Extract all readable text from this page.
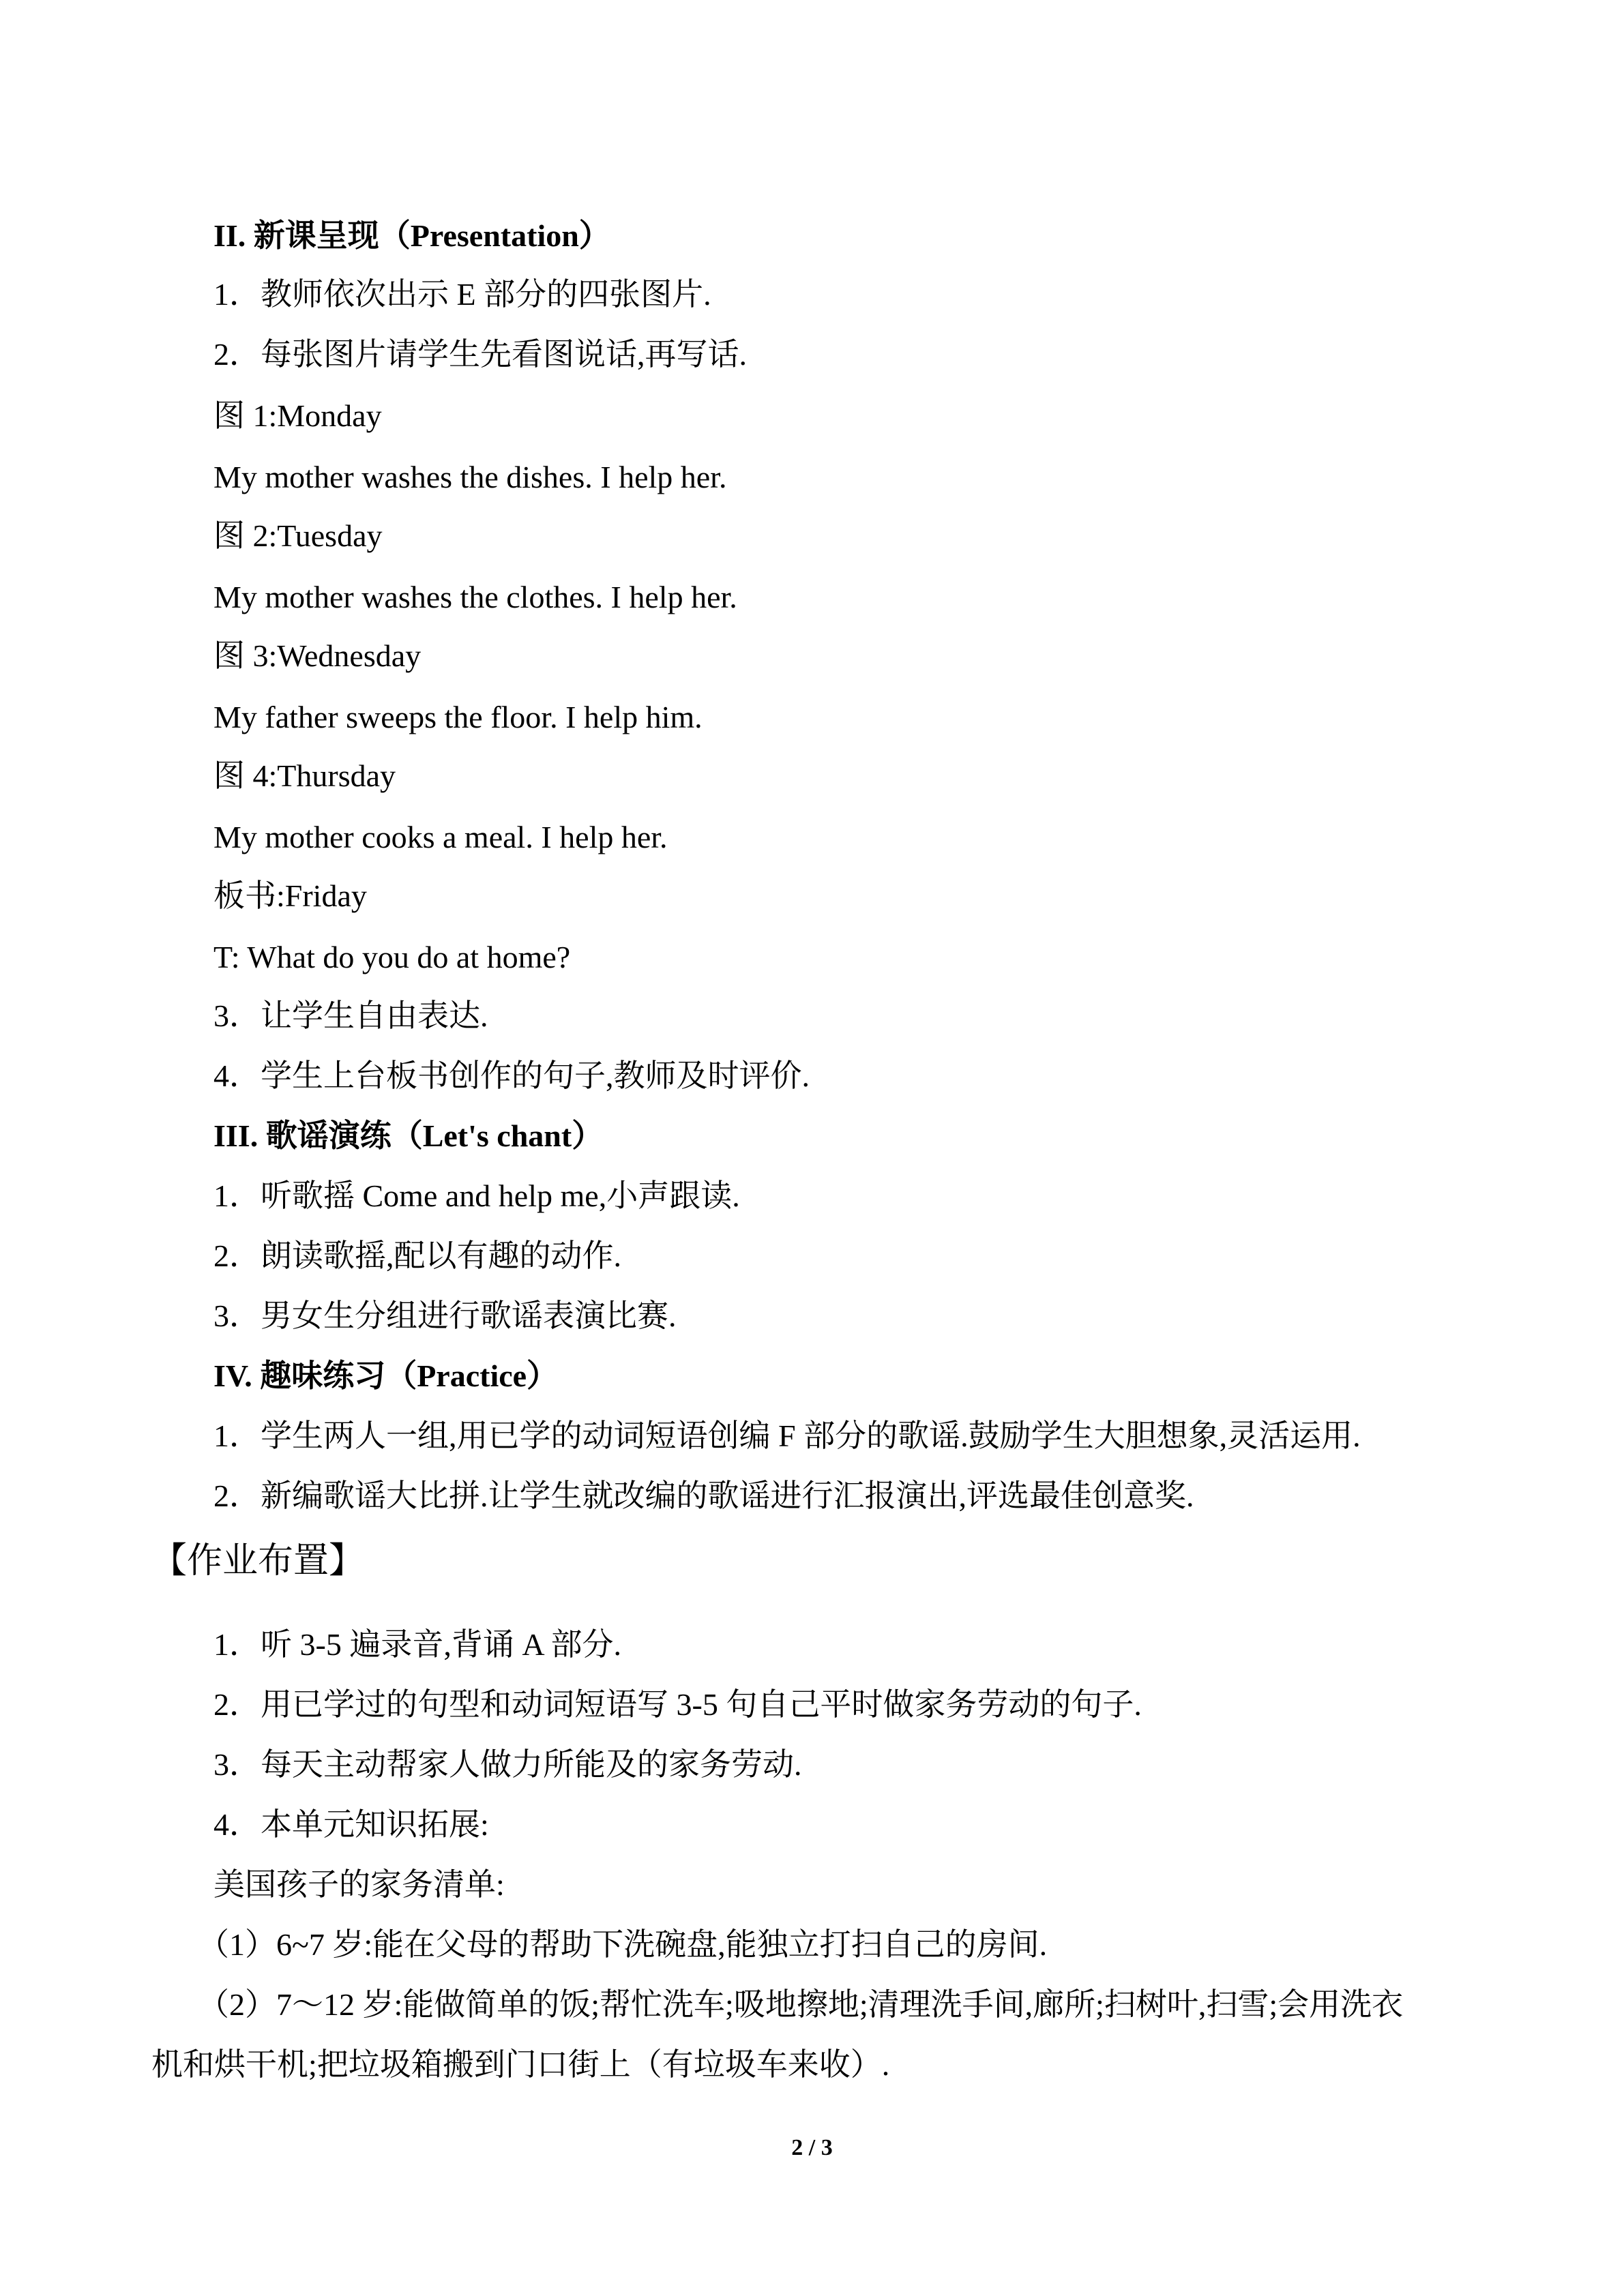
II. 新课呈现（Presentation）
1．教师依次出示 E 部分的四张图片.
2．每张图片请学生先看图说话,再写话.
图 1:Monday
My mother washes the dishes. I help her.
图 2:Tuesday
My mother washes the clothes. I help her.
图 3:Wednesday
My father sweeps the floor. I help him.
图 4:Thursday
My mother cooks a meal. I help her.
板书:Friday
T: What do you do at home?
3．让学生自由表达.
4．学生上台板书创作的句子,教师及时评价.
III. 歌谣演练（Let's chant）
1．听歌摇 Come and help me,小声跟读.
2．朗读歌摇,配以有趣的动作.
3．男女生分组进行歌谣表演比赛.
IV. 趣味练习（Practice）
1．学生两人一组,用已学的动词短语创编 F 部分的歌谣.鼓励学生大胆想象,灵活运用.
2．新编歌谣大比拼.让学生就改编的歌谣进行汇报演出,评选最佳创意奖.
【作业布置】
1．听 3-5 遍录音,背诵 A 部分.
2．用已学过的句型和动词短语写 3-5 句自己平时做家务劳动的句子.
3．每天主动帮家人做力所能及的家务劳动.
4．本单元知识拓展:
美国孩子的家务清单:
（1）6~7 岁:能在父母的帮助下洗碗盘,能独立打扫自己的房间.
（2）7～12 岁:能做简单的饭;帮忙洗车;吸地擦地;清理洗手间,廊所;扫树叶,扫雪;会用洗衣
机和烘干机;把垃圾箱搬到门口街上（有垃圾车来收）.
2 / 3
